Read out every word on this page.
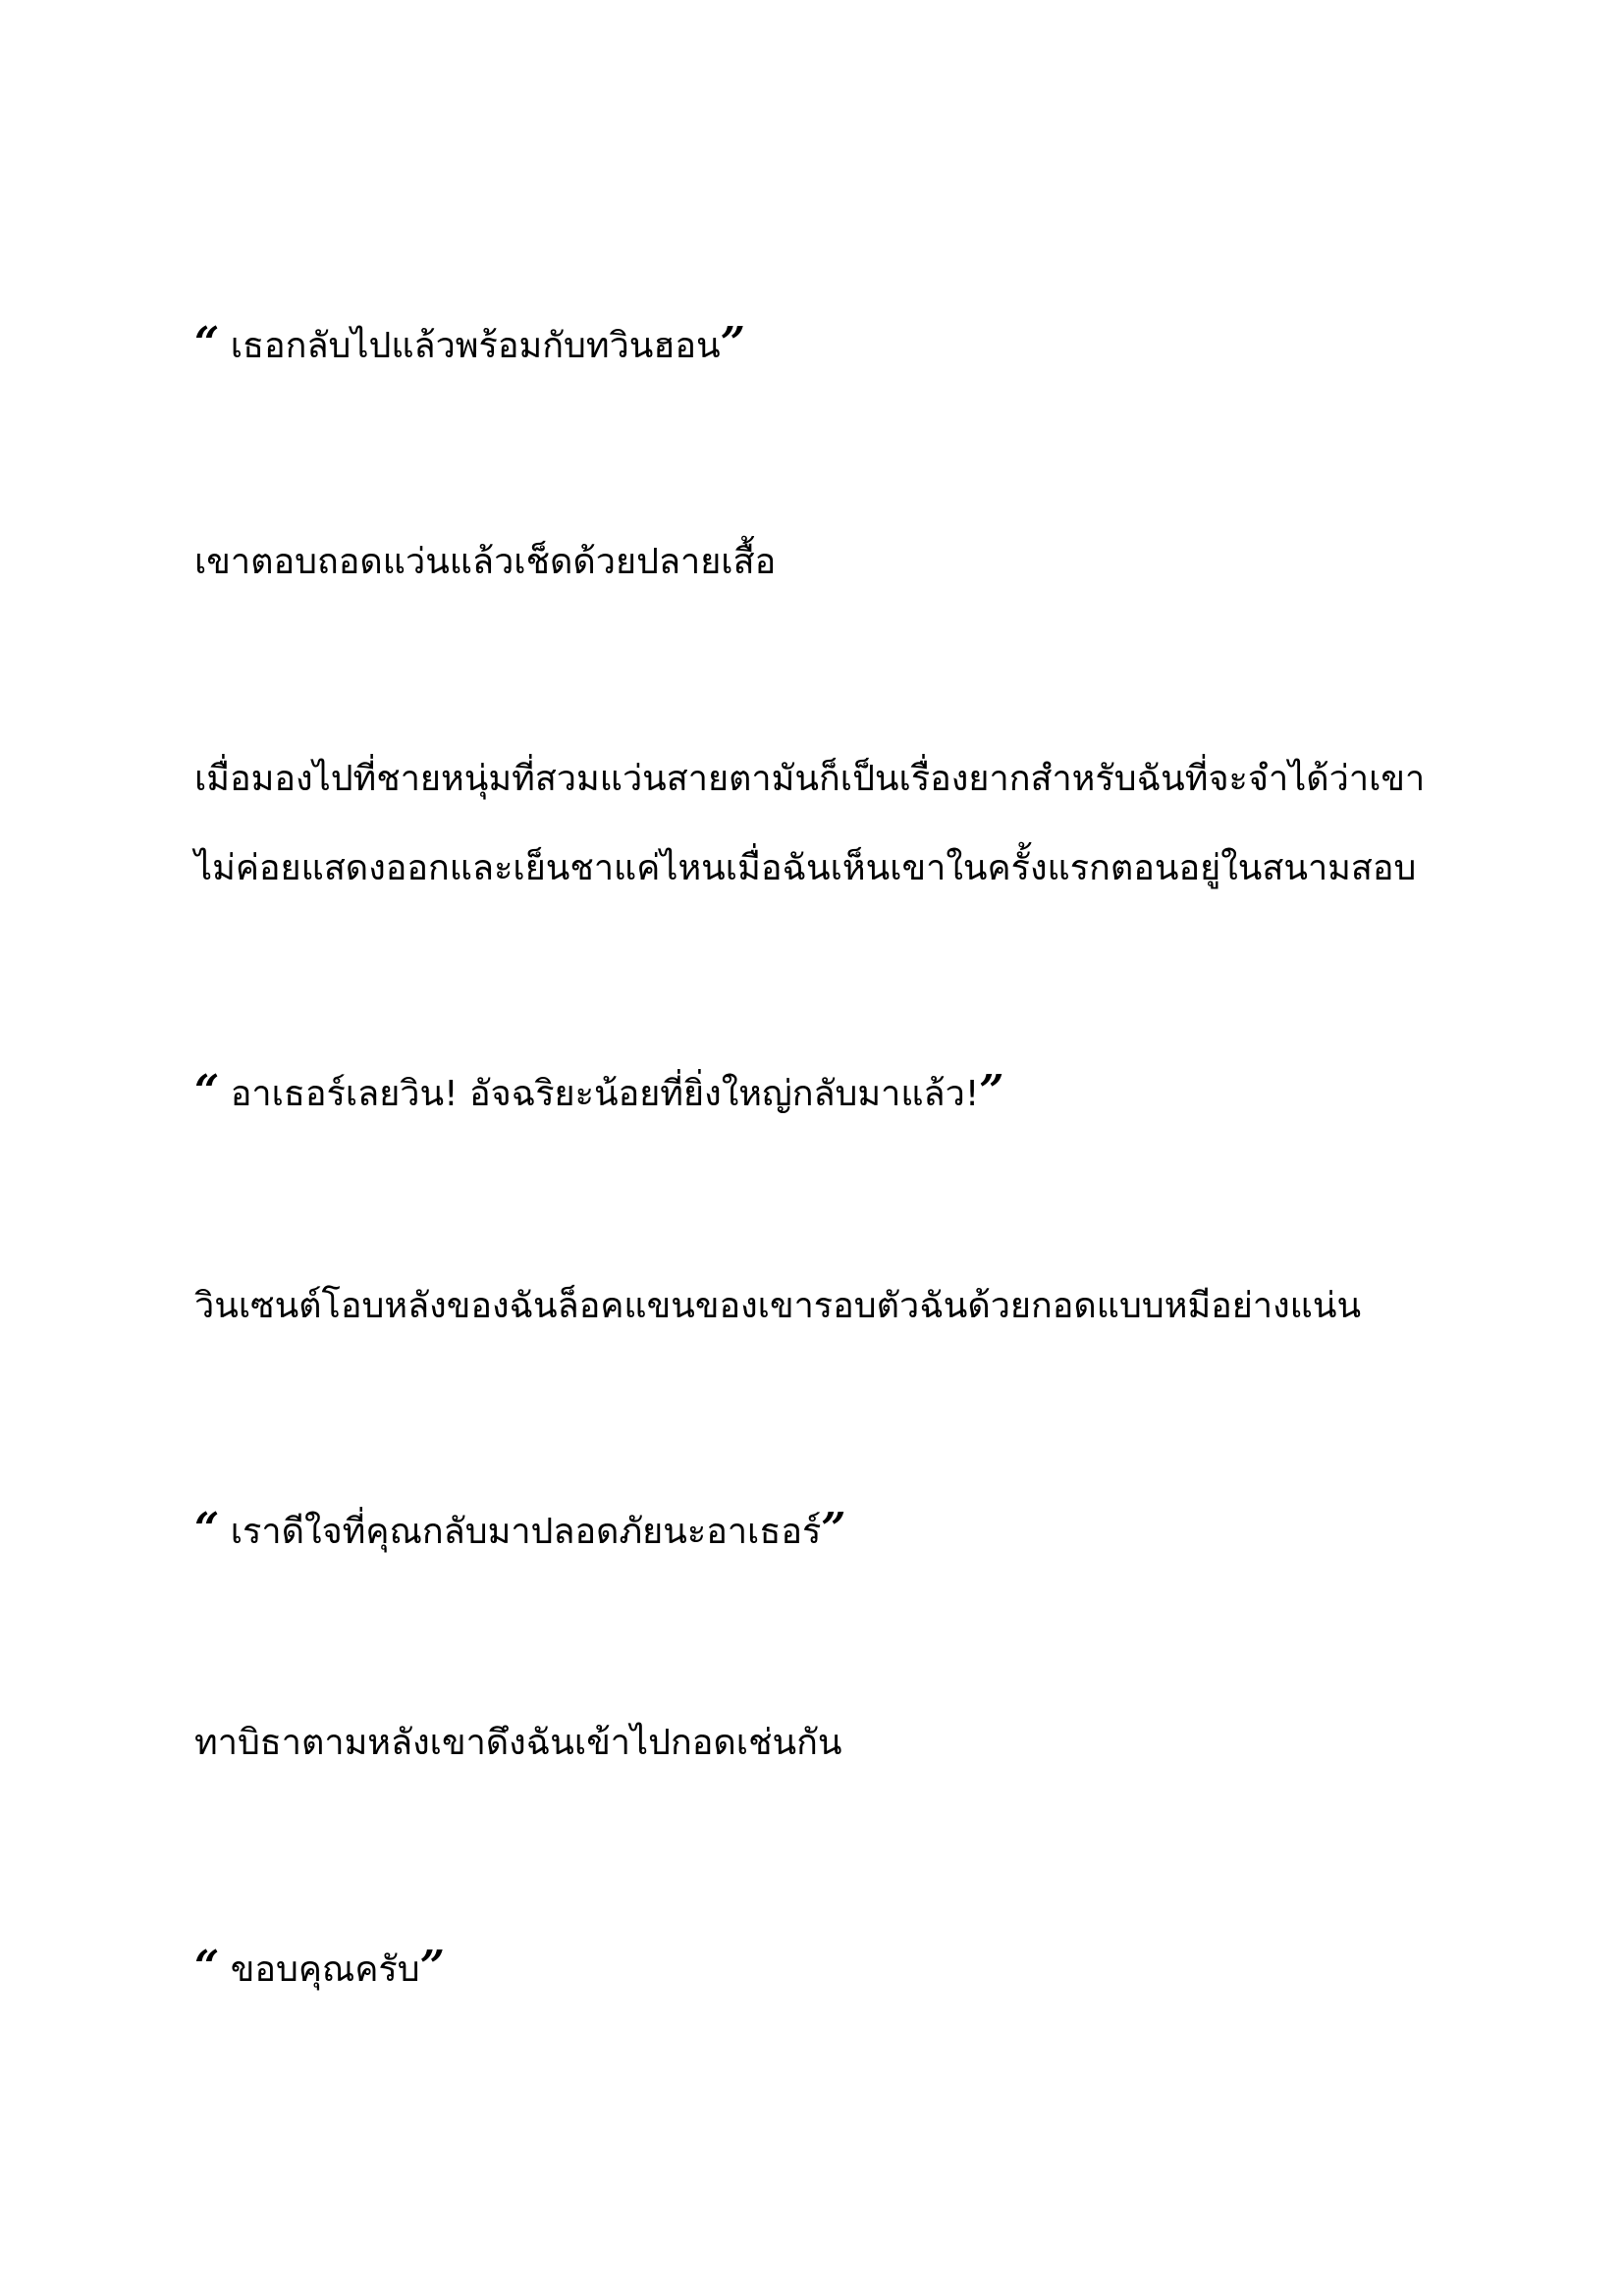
“ เธอกลับไปแล้วพร้อมกับทวินฮอน”

เขาตอบถอดแว่นแล้วเช็ดด้วยปลายเสื้อ

เมื่อมองไปที่ชายหนุ่มที่สวมแว่นสายตามันก็เป็นเรื่องยากสำหรับฉันที่จะจำได้ว่าเขา

ไม่ค่อยแสดงออกและเย็นชาแค่ไหนเมื่อฉันเห็นเขาในครั้งแรกตอนอยู่ในสนามสอบ

“ อาเธอร์เลยวิน! อัจฉริยะน้อยที่ยิ่งใหญ่กลับมาแล้ว!”

วินเซนต์โอบหลังของฉันล็อคแขนของเขารอบตัวฉันด้วยกอดแบบหมีอย่างแน่น

“ เราดีใจที่คุณกลับมาปลอดภัยนะอาเธอร์”

ทาบิธาตามหลังเขาดึงฉันเข้าไปกอดเช่นกัน

“ ขอบคุณครับ”
